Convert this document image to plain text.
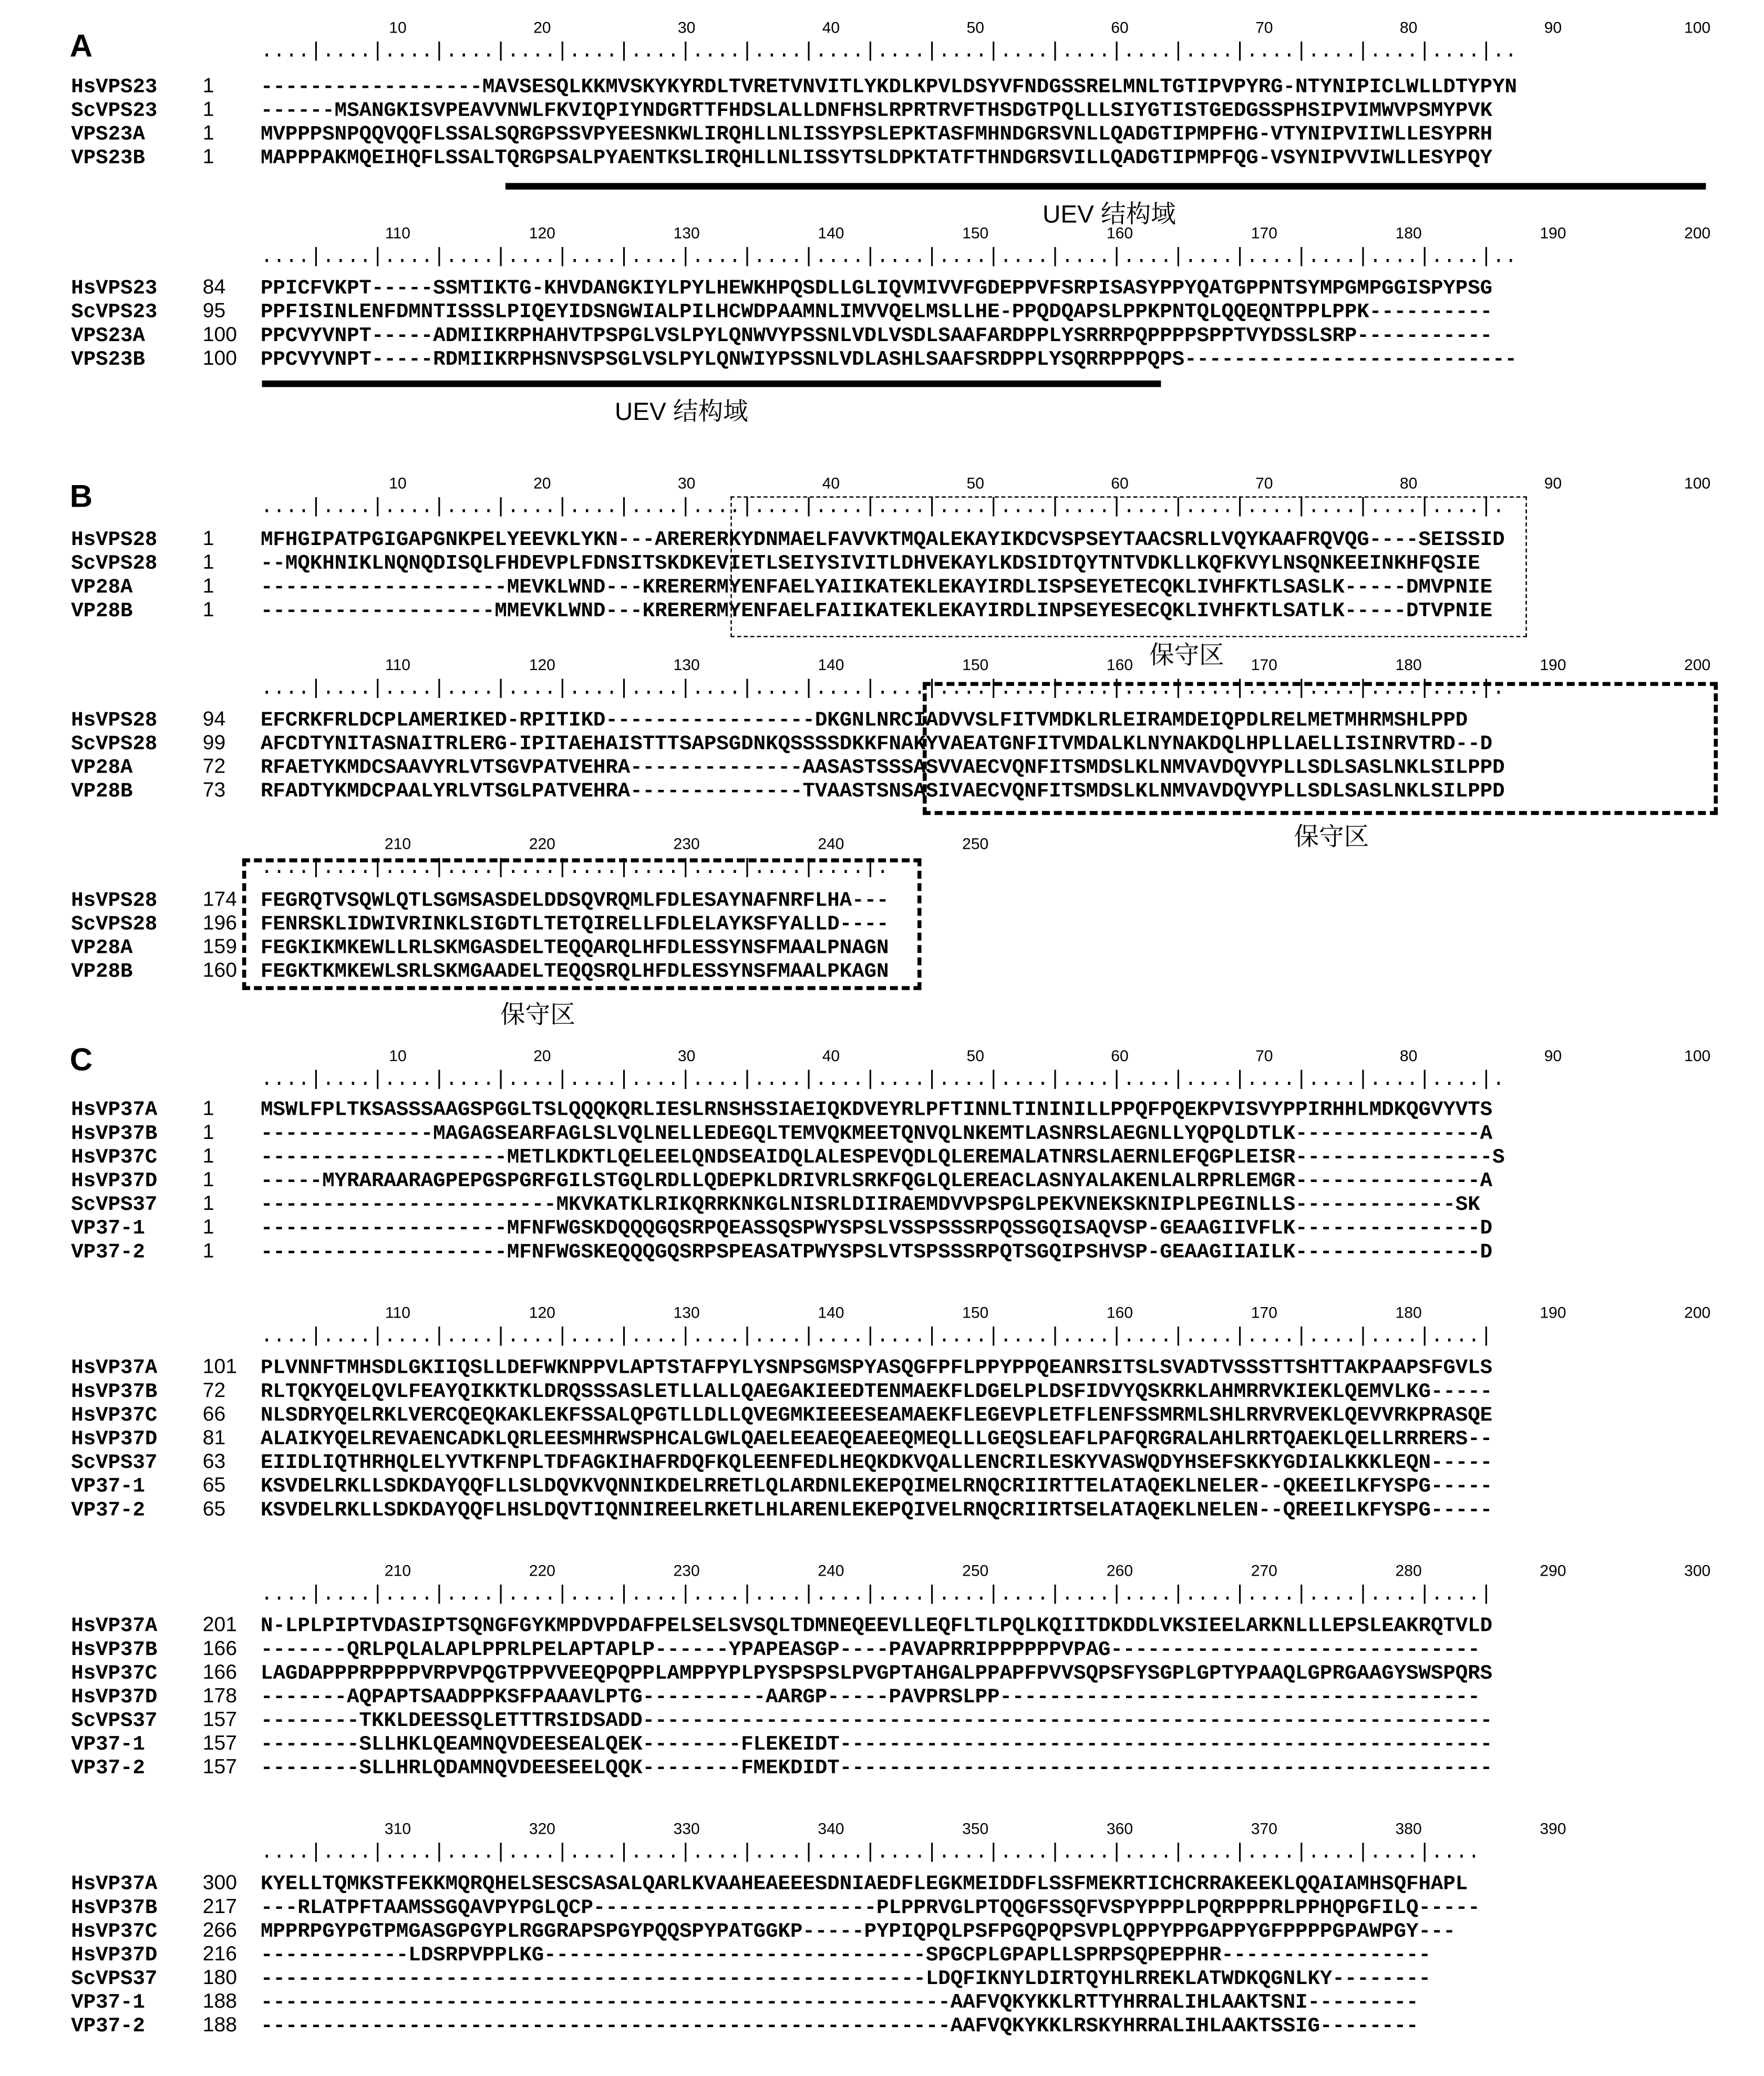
A
10	20	30	40	50	60	70	80	90	100
....|....|....|....|....|....|....|....|....|....|....|....|....|....|....|....|....|....|....|....|..
HsVPS23	1	------------------MAVSESQLKKMVSKYKYRDLTVRETVNVITLYKDLKPVLDSYVFNDGSSRELMNLTGTIPVPYRG-NTYNIPICLWLLDTYPYN
ScVPS23	1	------MSANGKISVPEAVVNWLFKVIQPIYNDGRTTFHDSLALLDNFHSLRPRTRVFTHSDGTPQLLLSIYGTISTGEDGSSPHSIPVIMWVPSMYPVK
VPS23A	1	MVPPPSNPQQVQQFLSSALSQRGPSSVPYEESNKWLIRQHLLNLISSYPSLEPKTASFMHNDGRSVNLLQADGTIPMPFHG-VTYNIPVIIWLLESYPRH
VPS23B	1	MAPPPAKMQEIHQFLSSALTQRGPSALPYAENTKSLIRQHLLNLISSYTSLDPKTATFTHNDGRSVILLQADGTIPMPFQG-VSYNIPVVIWLLESYPQY
110	120	130	140	150	160	170	180	190	200
....|....|....|....|....|....|....|....|....|....|....|....|....|....|....|....|....|....|....|....|..
HsVPS23	84	PPICFVKPT-----SSMTIKTG-KHVDANGKIYLPYLHEWKHPQSDLLGLIQVMIVVFGDEPPVFSRPISASYPPYQATGPPNTSYMPGMPGGISPYPSG
ScVPS23	95	PPFISINLENFDMNTISSSLPIQEYIDSNGWIALPILHCWDPAAMNLIMVVQELMSLLHE-PPQDQAPSLPPKPNTQLQQEQNTPPLPPK----------
VPS23A	100	PPCVYVNPT-----ADMIIKRPHAHVTPSPGLVSLPYLQNWVYPSSNLVDLVSDLSAAFARDPPLYSRRRPQPPPPSPPTVYDSSLSRP-----------
VPS23B	100	PPCVYVNPT-----RDMIIKRPHSNVSPSGLVSLPYLQNWIYPSSNLVDLASHLSAAFSRDPPLYSQRRPPPQPS---------------------------
B	10	20	30	40	50	60	70	80	90	100
....|....|....|....|....|....|....|....|....|....|....|....|....|....|....|....|....|....|....|....|.
HsVPS28	1	MFHGIPATPGIGAPGNKPELYEEVKLYKN---ARERERKYDNMAELFAVVKTMQALEKAYIKDCVSPSEYTAACSRLLVQYKAAFRQVQG----SEISSID
ScVPS28	1	--MQKHNIKLNQNQDISQLFHDEVPLFDNSITSKDKEVIETLSEIYSIVITLDHVEKAYLKDSIDTQYTNTVDKLLKQFKVYLNSQNKEEINKHFQSIE
VP28A	1	--------------------MEVKLWND---KRERERMYENFAELYAIIKATEKLEKAYIRDLISPSEYETECQKLIVHFKTLSASLK-----DMVPNIE
VP28B	1	-------------------MMEVKLWND---KRERERMYENFAELFAIIKATEKLEKAYIRDLINPSEYESECQKLIVHFKTLSATLK-----DTVPNIE
110	120	130	140	150	160	170	180	190	200
....|....|....|....|....|....|....|....|....|....|....|....|....|....|....|....|....|....|....|....|.
HsVPS28	94	EFCRKFRLDCPLAMERIKED-RPITIKD-----------------DKGNLNRCIADVVSLFITVMDKLRLEIRAMDEIQPDLRELMETMHRMSHLPPD
ScVPS28	99	AFCDTYNITASNAITRLERG-IPITAEHAISTTTSAPSGDNKQSSSSDKKFNAKYVAEATGNFITVMDALKLNYNAKDQLHPLLAELLISINRVTRD--D
VP28A	72	RFAETYKMDCSAAVYRLVTSGVPATVEHRA--------------AASASTSSSASVVAECVQNFITSMDSLKLNMVAVDQVYPLLSDLSASLNKLSILPPD
VP28B	73	RFADTYKMDCPAALYRLVTSGLPATVEHRA--------------TVAASTSNSASIVAECVQNFITSMDSLKLNMVAVDQVYPLLSDLSASLNKLSILPPD
210	220	230	240	250
....|....|....|....|....|....|....|....|....|....|.
HsVPS28	174	FEGRQTVSQWLQTLSGMSASDELDDSQVRQMLFDLESAYNAFNRFLHA---
ScVPS28	196	FENRSKLIDWIVRINKLSIGDTLTETQIRELLFDLELAYKSFYALLD----
VP28A	159	FEGKIKMKEWLLRLSKMGASDELTEQQARQLHFDLESSYNSFMAALPNAGN
VP28B	160	FEGKTKMKEWLSRLSKMGAADELTEQQSRQLHFDLESSYNSFMAALPKAGN
C	10	20	30	40	50	60	70	80	90	100
....|....|....|....|....|....|....|....|....|....|....|....|....|....|....|....|....|....|....|....|.
HsVP37A	1	MSWLFPLTKSASSSAAGSPGGLTSLQQQKQRLIESLRNSHSSIAEIQKDVEYRLPFTINNLTININILLPPQFPQEKPVISVYPPIRHHLMDKQGVYVTS
HsVP37B	1	--------------MAGAGSEARFAGLSLVQLNELLEDEGQLTEMVQKMEETQNVQLNKEMTLASNRSLAEGNLLYQPQLDTLK---------------A
HsVP37C	1	--------------------METLKDKTLQELEELQNDSEAIDQLALESPEVQDLQLEREMALATNRSLAERNLEFQGPLEISR----------------S
HsVP37D	1	-----MYRARAARAGPEPGSPGRFGILSTGQLRDLLQDEPKLDRIVRLSRKFQGLQLEREACLASNYALAKENLALRPRLEMGR---------------A
ScVPS37	1	------------------------MKVKATKLRIKQRRKNKGLNISRLDIIRAEMDVVPSPGLPEKVNEKSKNIPLPEGINLLS-------------SK
VP37-1	1	--------------------MFNFWGSKDQQQGQSRPQEASSQSPWYSPSLVSSPSSSRPQSSGQISAQVSP-GEAAGIIVFLK---------------D
VP37-2	1	--------------------MFNFWGSKEQQQGQSRPSPEASATPWYSPSLVTSPSSSRPQTSGQIPSHVSP-GEAAGIIAILK---------------D
110	120	130	140	150	160	170	180	190	200
....|....|....|....|....|....|....|....|....|....|....|....|....|....|....|....|....|....|....|....|
HsVP37A	101	PLVNNFTMHSDLGKIIQSLLDEFWKNPPVLAPTSTAFPYLYSNPSGMSPYASQGFPFLPPYPPQEANRSITSLSVADTVSSSTTSHTTAKPAAPSFGVLS
HsVP37B	72	RLTQKYQELQVLFEAYQIKKTKLDRQSSSASLETLLALLQAEGAKIEEDTENMAEKFLDGELPLDSFIDVYQSKRKLAHMRRVKIEKLQEMVLKG-----
HsVP37C	66	NLSDRYQELRKLVERCQEQKAKLEKFSSALQPGTLLDLLQVEGMKIEEESEAMAEKFLEGEVPLETFLENFSSMRMLSHLRRVRVEKLQEVVRKPRASQE
HsVP37D	81	ALAIKYQELREVAENCADKLQRLEESMHRWSPHCALGWLQAELEEAEQEAEEQMEQLLLGEQSLEAFLPAFQRGRALAHLRRTQAEKLQELLRRRERS--
ScVPS37	63	EIIDLIQTHRHQLELYVTKFNPLTDFAGKIHAFRDQFKQLEENFEDLHEQKDKVQALLENCRILESKYVASWQDYHSEFSKKYGDIALKKKLEQN-----
VP37-1	65	KSVDELRKLLSDKDAYQQFLLSLDQVKVQNNIKDELRRETLQLARDNLEKEPQIMELRNQCRIIRTTELATAQEKLNELER--QKEEILKFYSPG-----
VP37-2	65	KSVDELRKLLSDKDAYQQFLHSLDQVTIQNNIREELRKETLHLARENLEKEPQIVELRNQCRIIRTSELATAQEKLNELEN--QREEILKFYSPG-----
210	220	230	240	250	260	270	280	290	300
....|....|....|....|....|....|....|....|....|....|....|....|....|....|....|....|....|....|....|....|
HsVP37A	201	N-LPLPIPTVDASIPTSQNGFGYKMPDVPDAFPELSELSVSQLTDMNEQEEVLLEQFLTLPQLKQIITDKDDLVKSIEELARKNLLLEPSLEAKRQTVLD
HsVP37B	166	-------QRLPQLALAPLPPRLPELAPTAPLP------YPAPEASGP----PAVAPRRIPPPPPPVPAG------------------------------
HsVP37C	166	LAGDAPPPRPPPPVRPVPQGTPPVVEEQPQPPLAMPPYPLPYSPSPSLPVGPTAHGALPPAPFPVVSQPSFYSGPLGPTYPAAQLGPRGAAGYSWSPQRS
HsVP37D	178	-------AQPAPTSAADPPKSFPAAAVLPTG----------AARGP-----PAVPRSLPP---------------------------------------
ScVPS37	157	--------TKKLDEESSQLETTTRSIDSADD---------------------------------------------------------------------
VP37-1	157	--------SLLHKLQEAMNQVDEESEALQEK--------FLEKEIDT-----------------------------------------------------
VP37-2	157	--------SLLHRLQDAMNQVDEESEELQQK--------FMEKDIDT-----------------------------------------------------
310	320	330	340	350	360	370	380	390
....|....|....|....|....|....|....|....|....|....|....|....|....|....|....|....|....|....|....|....
HsVP37A	300	KYELLTQMKSTFEKKMQRQHELSESCSASALQARLKVAAHEAEEESDNIAEDFLEGKMEIDDFLSSFMEKRTICHCRRAKEEKLQQAIAMHSQFHAPL
HsVP37B	217	---RLATPFTAAMSSGQAVPYPGLQCP-----------------------PLPPRVGLPTQQGFSSQFVSPYPPPLPQRPPPRLPPHQPGFILQ-----
HsVP37C	266	MPPRPGYPGTPMGASGPGYPLRGGRAPSPGYPQQSPYPATGGKP-----PYPIQPQLPSFPGQPQPSVPLQPPYPPGAPPYGFPPPPGPAWPGY---
HsVP37D	216	------------LDSRPVPPLKG-------------------------------SPGCPLGPAPLLSPRPSQPEPPHR-----------------
ScVPS37	180	------------------------------------------------------LDQFIKNYLDIRTQYHLRREKLATWDKQGNLKY--------
VP37-1	188	--------------------------------------------------------AAFVQKYKKLRTTYHRRALIHLAAKTSNI---------
VP37-2	188	--------------------------------------------------------AAFVQKYKKLRSKYHRRALIHLAAKTSSIG--------
UEV 结构域
UEV 结构域
保守区
保守区
保守区
